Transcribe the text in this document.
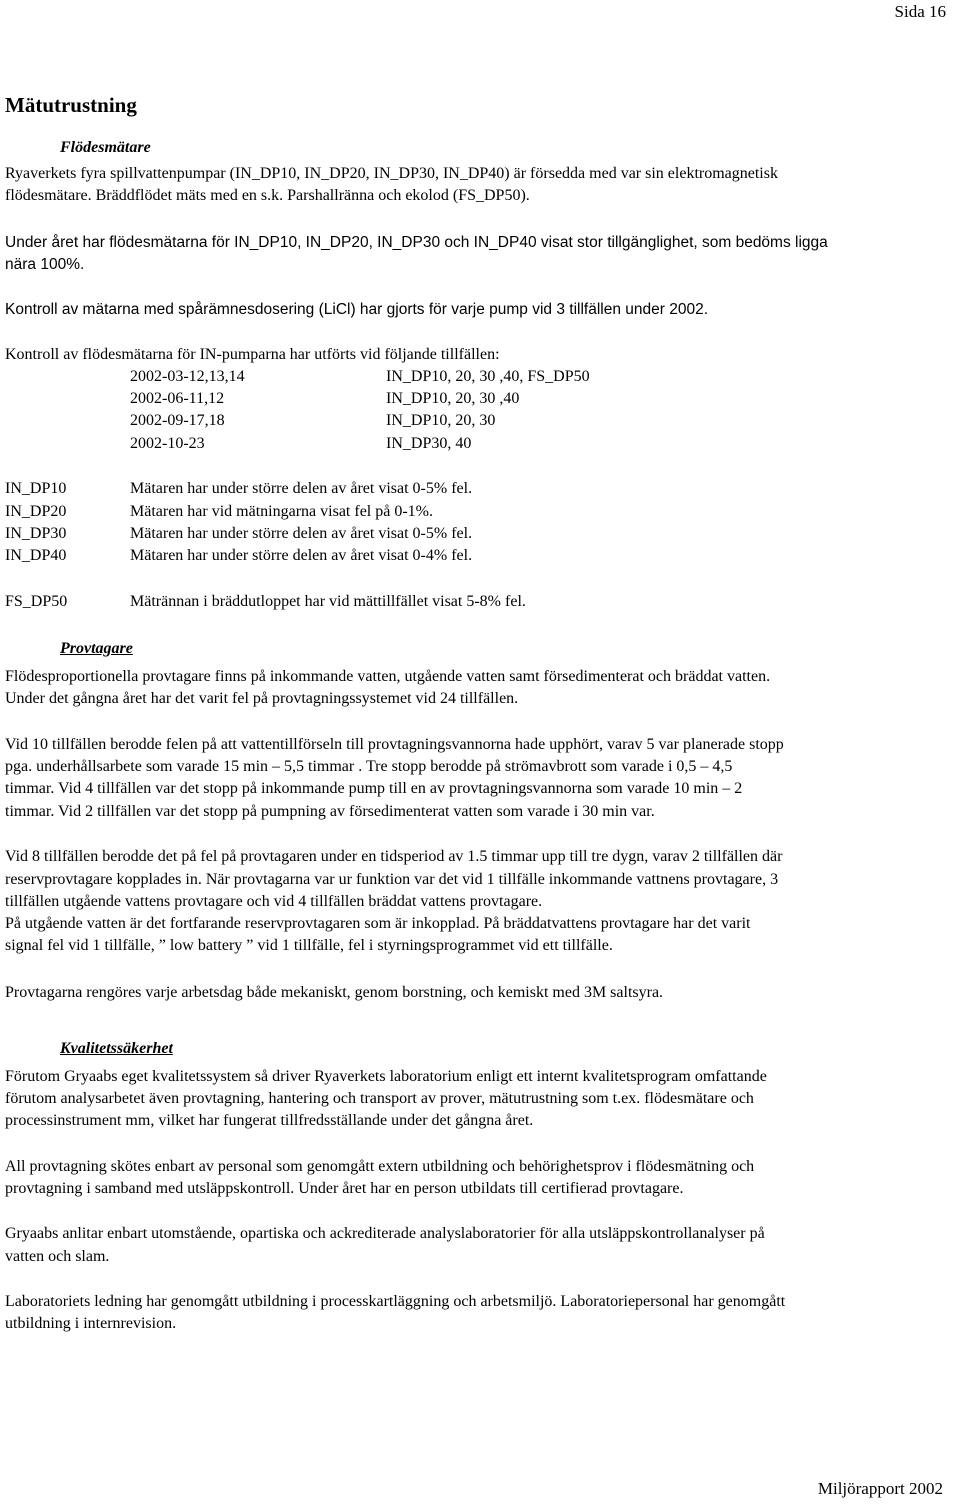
Sida 16
Mätutrustning
Flödesmätare
Ryaverkets fyra spillvattenpumpar (IN_DP10, IN_DP20, IN_DP30, IN_DP40) är försedda med var sin elektromagnetisk
flödesmätare. Bräddflödet mäts med en s.k. Parshallränna och ekolod (FS_DP50).
Under året har flödesmätarna för IN_DP10, IN_DP20, IN_DP30 och IN_DP40 visat stor tillgänglighet, som bedöms ligga
nära 100%.
Kontroll av mätarna med spårämnesdosering (LiCl) har gjorts för varje pump vid 3 tillfällen under 2002.
Kontroll av flödesmätarna för IN-pumparna har utförts vid följande tillfällen:
2002-03-12,13,14	IN_DP10, 20, 30 ,40, FS_DP50
2002-06-11,12	IN_DP10, 20, 30 ,40
2002-09-17,18	IN_DP10, 20, 30
2002-10-23	IN_DP30, 40
IN_DP10	Mätaren har under större delen av året visat 0-5% fel.
IN_DP20	Mätaren har vid mätningarna visat fel på 0-1%.
IN_DP30	Mätaren har under större delen av året visat 0-5% fel.
IN_DP40	Mätaren har under större delen av året visat 0-4% fel.
FS_DP50	Mätrännan i bräddutloppet har vid mättillfället visat 5-8% fel.
Provtagare
Flödesproportionella provtagare finns på inkommande vatten, utgående vatten samt försedimenterat och bräddat vatten.
Under det gångna året har det varit fel på provtagningssystemet vid 24 tillfällen.
Vid 10 tillfällen berodde felen på att vattentillförseln till provtagningsvannorna hade upphört, varav 5 var planerade stopp
pga. underhållsarbete som varade 15 min – 5,5 timmar . Tre stopp berodde på strömavbrott som varade i 0,5 – 4,5
timmar. Vid 4 tillfällen var det stopp på inkommande pump till en av provtagningsvannorna som varade 10 min – 2
timmar. Vid 2 tillfällen var det stopp på pumpning av försedimenterat vatten som varade i 30 min var.
Vid 8 tillfällen berodde det på fel på provtagaren under en tidsperiod av 1.5 timmar upp till tre dygn, varav 2 tillfällen där
reservprovtagare kopplades in. När provtagarna var ur funktion var det vid 1 tillfälle inkommande vattnens provtagare, 3
tillfällen utgående vattens provtagare och vid 4 tillfällen bräddat vattens provtagare.
På utgående vatten är det fortfarande reservprovtagaren som är inkopplad. På bräddatvattens provtagare har det varit
signal fel vid 1 tillfälle, ” low battery ” vid 1 tillfälle, fel i styrningsprogrammet vid ett tillfälle.
Provtagarna rengöres varje arbetsdag både mekaniskt, genom borstning, och kemiskt med 3M saltsyra.
Kvalitetssäkerhet
Förutom Gryaabs eget kvalitetssystem så driver Ryaverkets laboratorium enligt ett internt kvalitetsprogram omfattande
förutom analysarbetet även provtagning, hantering och transport av prover, mätutrustning som t.ex. flödesmätare och
processinstrument mm, vilket har fungerat tillfredsställande under det gångna året.
All provtagning skötes enbart av personal som genomgått extern utbildning och behörighetsprov i flödesmätning och
provtagning i samband med utsläppskontroll. Under året har en person utbildats till certifierad provtagare.
Gryaabs anlitar enbart utomstående, opartiska och ackrediterade analyslaboratorier för alla utsläppskontrollanalyser på
vatten och slam.
Laboratoriets ledning har genomgått utbildning i processkartläggning och arbetsmiljö. Laboratoriepersonal har genomgått
utbildning i internrevision.
Miljörapport 2002
